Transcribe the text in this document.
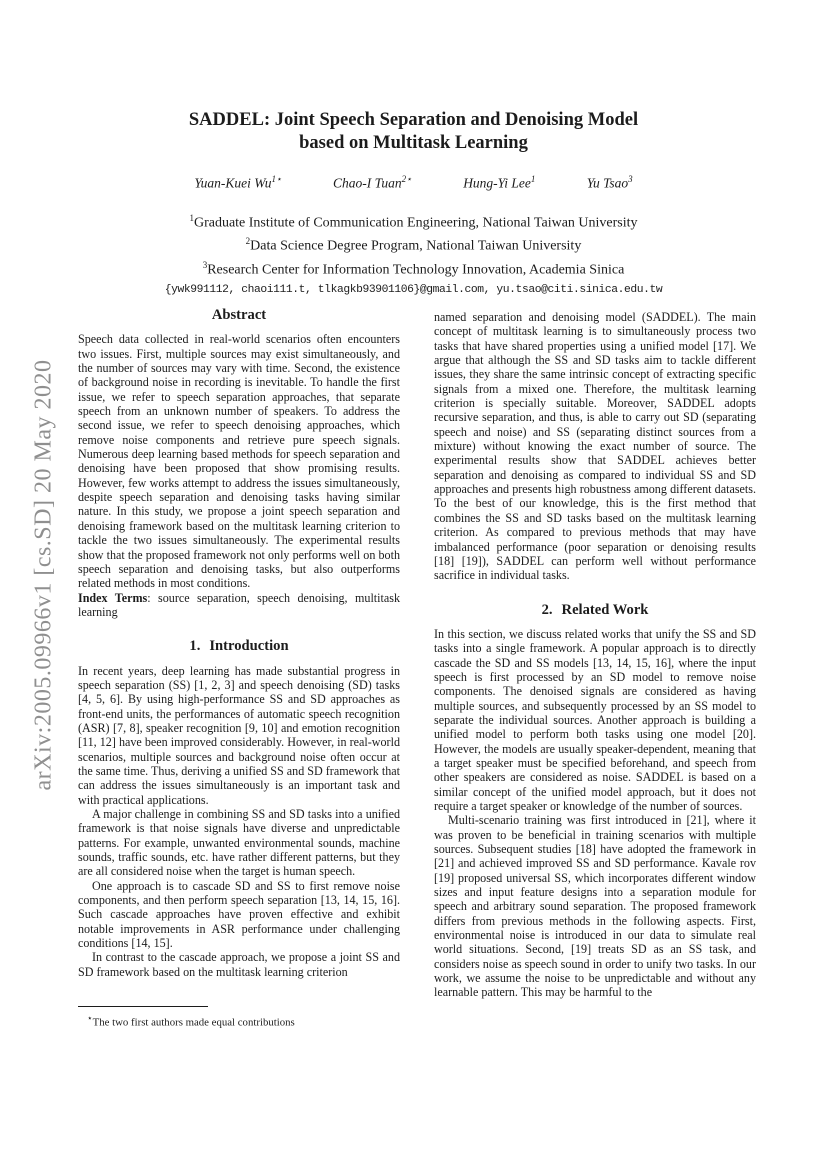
arXiv:2005.09966v1 [cs.SD] 20 May 2020
SADDEL: Joint Speech Separation and Denoising Model
based on Multitask Learning
Yuan-Kuei $Wu^{1⋆}$	Chao-I Tuan$^{2⋆}$	Hung-Yi Lee$^1$	Yu Tsao$^3$
$^1$Graduate Institute of Communication Engineering, National Taiwan University
$^2$Data Science Degree Program, National Taiwan University
$^3$Research Center for Information Technology Innovation, Academia Sinica
{ywk991112, chaoi111.t, tlkagkb93901106}@gmail.com, yu.tsao@citi.sinica.edu.tw
Abstract

Speech data collected in real-world scenarios often encounters two issues. First, multiple sources may exist simultaneously, and the number of sources may vary with time. Second, the existence of background noise in recording is inevitable. To handle the first issue, we refer to speech separation approaches, that separate speech from an unknown number of speakers. To address the second issue, we refer to speech denoising approaches, which remove noise components and retrieve pure speech signals. Numerous deep learning based methods for speech separation and denoising have been proposed that show promising results. However, few works attempt to address the issues simultaneously, despite speech separation and denoising tasks having similar nature. In this study, we propose a joint speech separation and denoising framework based on the multitask learning criterion to tackle the two issues simultaneously. The experimental results show that the proposed framework not only performs well on both speech separation and denoising tasks, but also outperforms related methods in most conditions.

Index Terms: source separation, speech denoising, multitask learning

1. Introduction

In recent years, deep learning has made substantial progress in speech separation (SS) [1, 2, 3] and speech denoising (SD) tasks [4, 5, 6]. By using high-performance SS and SD approaches as front-end units, the performances of automatic speech recognition (ASR) [7, 8], speaker recognition [9, 10] and emotion recognition [11, 12] have been improved considerably. However, in real-world scenarios, multiple sources and background noise often occur at the same time. Thus, deriving a unified SS and SD framework that can address the issues simultaneously is an important task and with practical applications.

A major challenge in combining SS and SD tasks into a unified framework is that noise signals have diverse and unpredictable patterns. For example, unwanted environmental sounds, machine sounds, traffic sounds, etc. have rather different patterns, but they are all considered noise when the target is human speech.

One approach is to cascade SD and SS to first remove noise components, and then perform speech separation [13, 14, 15, 16]. Such cascade approaches have proven effective and exhibit notable improvements in ASR performance under challenging conditions [14, 15].

In contrast to the cascade approach, we propose a joint SS and SD framework based on the multitask learning criterion

named separation and denoising model (SADDEL). The main concept of multitask learning is to simultaneously process two tasks that have shared properties using a unified model [17]. We argue that although the SS and SD tasks aim to tackle different issues, they share the same intrinsic concept of extracting specific signals from a mixed one. Therefore, the multitask learning criterion is specially suitable. Moreover, SADDEL adopts recursive separation, and thus, is able to carry out SD (separating speech and noise) and SS (separating distinct sources from a mixture) without knowing the exact number of source. The experimental results show that SADDEL achieves better separation and denoising as compared to individual SS and SD approaches and presents high robustness among different datasets. To the best of our knowledge, this is the first method that combines the SS and SD tasks based on the multitask learning criterion. As compared to previous methods that may have imbalanced performance (poor separation or denoising results [18] [19]), SADDEL can perform well without performance sacrifice in individual tasks.

2. Related Work

In this section, we discuss related works that unify the SS and SD tasks into a single framework. A popular approach is to directly cascade the SD and SS models [13, 14, 15, 16], where the input speech is first processed by an SD model to remove noise components. The denoised signals are considered as having multiple sources, and subsequently processed by an SS model to separate the individual sources. Another approach is building a unified model to perform both tasks using one model [20]. However, the models are usually speaker-dependent, meaning that a target speaker must be specified beforehand, and speech from other speakers are considered as noise. SADDEL is based on a similar concept of the unified model approach, but it does not require a target speaker or knowledge of the number of sources.

Multi-scenario training was first introduced in [21], where it was proven to be beneficial in training scenarios with multiple sources. Subsequent studies [18] have adopted the framework in [21] and achieved improved SS and SD performance. Kavale rov [19] proposed universal SS, which incorporates different window sizes and input feature designs into a separation module for speech and arbitrary sound separation. The proposed framework differs from previous methods in the following aspects. First, environmental noise is introduced in our data to simulate real world situations. Second, [19] treats SD as an SS task, and considers noise as speech sound in order to unify two tasks. In our work, we assume the noise to be unpredictable and without any learnable pattern. This may be harmful to the

⋆The two first authors made equal contributions
